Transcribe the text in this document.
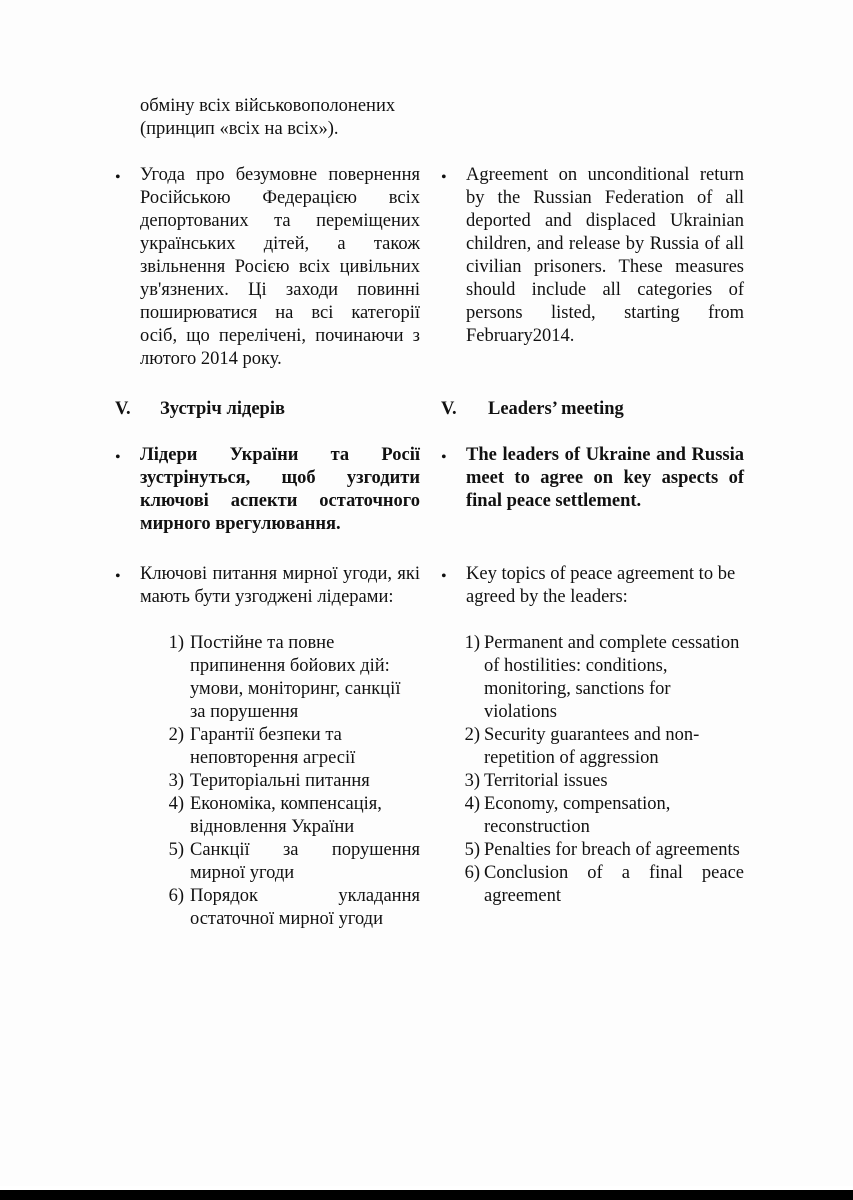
обміну всіх військовополонених (принцип «всіх на всіх»).

• Угода про безумовне повернення Російською Федерацією всіх депортованих та переміщених українських дітей, а також звільнення Росією всіх цивільних ув'язнених. Ці заходи повинні поширюватися на всі категорії осіб, що перелічені, починаючи з лютого 2014 року.

• Agreement on unconditional return by the Russian Federation of all deported and displaced Ukrainian children, and release by Russia of all civilian prisoners. These measures should include all categories of persons listed, starting from February2014.

V. Зустріч лідерів	V. Leaders’ meeting
• Лідери України та Росії зустрінуться, щоб узгодити ключові аспекти остаточного мирного врегулювання.

• The leaders of Ukraine and Russia meet to agree on key aspects of final peace settlement.

• Ключові питання мирної угоди, які мають бути узгоджені лідерами:

• Key topics of peace agreement to be agreed by the leaders:

1) Постійне та повне припинення бойових дій: умови, моніторинг, санкції за порушення
2) Гарантії безпеки та неповторення агресії
3) Територіальні питання
4) Економіка, компенсація, відновлення України
5) Санкції за порушення мирної угоди
6) Порядок укладання остаточної мирної угоди
1) Permanent and complete cessation of hostilities: conditions, monitoring, sanctions for violations
2) Security guarantees and non-repetition of aggression
3) Territorial issues
4) Economy, compensation, reconstruction
5) Penalties for breach of agreements
6) Conclusion of a final peace agreement
